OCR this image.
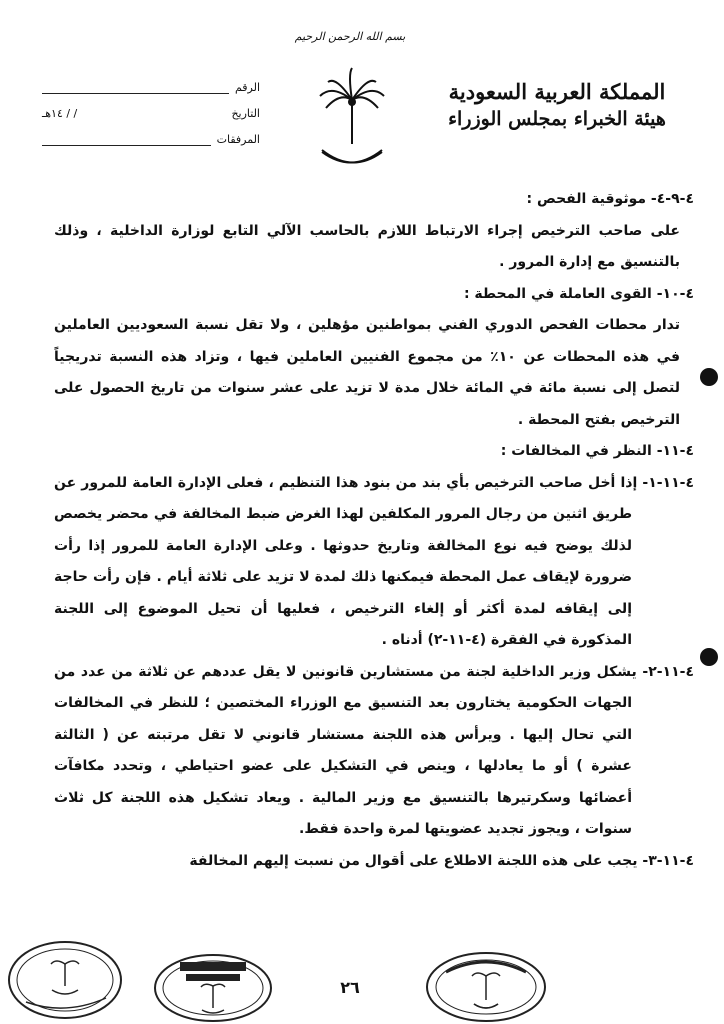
بسم الله الرحمن الرحيم
المملكة العربية السعودية
هيئة الخبراء بمجلس الوزراء
الرقم
التاريخ
/ / ١٤هـ
المرفقات

٤-٩-٤- موثوقية الفحص :

على صاحب الترخيص إجراء الارتباط اللازم بالحاسب الآلي التابع لوزارة الداخلية ، وذلك بالتنسيق مع إدارة المرور .

٤-١٠- القوى العاملة في المحطة :

تدار محطات الفحص الدوري الفني بمواطنين مؤهلين ، ولا تقل نسبة السعوديين العاملين في هذه المحطات عن ١٠٪ من مجموع الفنيين العاملين فيها ، وتزاد هذه النسبة تدريجياً لتصل إلى نسبة مائة في المائة خلال مدة لا تزيد على عشر سنوات من تاريخ الحصول على الترخيص بفتح المحطة .

٤-١١- النظر في المخالفات :

٤-١١-١- إذا أخل صاحب الترخيص بأي بند من بنود هذا التنظيم ، فعلى الإدارة العامة للمرور عن طريق اثنين من رجال المرور المكلفين لهذا الغرض ضبط المخالفة في محضر يخصص لذلك يوضح فيه نوع المخالفة وتاريخ حدوثها . وعلى الإدارة العامة للمرور إذا رأت ضرورة لإيقاف عمل المحطة فيمكنها ذلك لمدة لا تزيد على ثلاثة أيام . فإن رأت حاجة إلى إيقافه لمدة أكثر أو إلغاء الترخيص ، فعليها أن تحيل الموضوع إلى اللجنة المذكورة في الفقرة (٤-١١-٢) أدناه .

٤-١١-٢- يشكل وزير الداخلية لجنة من مستشارين قانونين لا يقل عددهم عن ثلاثة من عدد من الجهات الحكومية يختارون بعد التنسيق مع الوزراء المختصين ؛ للنظر في المخالفات التي تحال إليها . ويرأس هذه اللجنة مستشار قانوني لا تقل مرتبته عن ( الثالثة عشرة ) أو ما يعادلها ، وينص في التشكيل على عضو احتياطي ، وتحدد مكافآت أعضائها وسكرتيرها بالتنسيق مع وزير المالية . ويعاد تشكيل هذه اللجنة كل ثلاث سنوات ، ويجوز تجديد عضويتها لمرة واحدة فقط.

٤-١١-٣- يجب على هذه اللجنة الاطلاع على أقوال من نسبت إليهم المخالفة

٢٦
